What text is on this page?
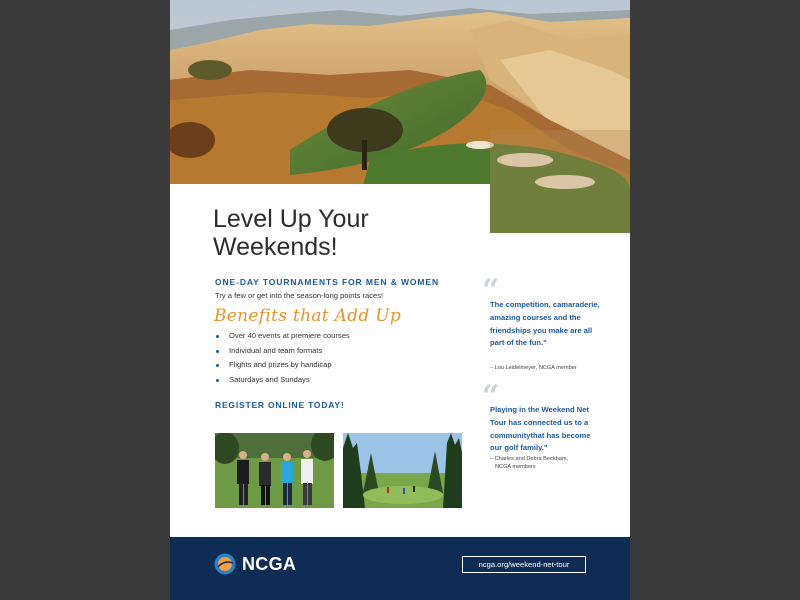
Level Up Your
Weekends!
ONE-DAY TOURNAMENTS FOR MEN & WOMEN
Try a few or get into the season-long points races!
Benefits that Add Up
Over 40 events at premiere courses
Individual and team formats
Flights and prizes by handicap
Saturdays and Sundays
REGISTER ONLINE TODAY!
“

The competition, camaraderie, amazing courses and the friendships you make are all part of the fun."

– Lou Leidelmeyer, NCGA member

“

Playing in the Weekend Net Tour has connected us to a communitythat has become our golf family."

– Charles and Debra Beckham,
NCGA members

NCGA	ncga.org/weekend-net-tour
